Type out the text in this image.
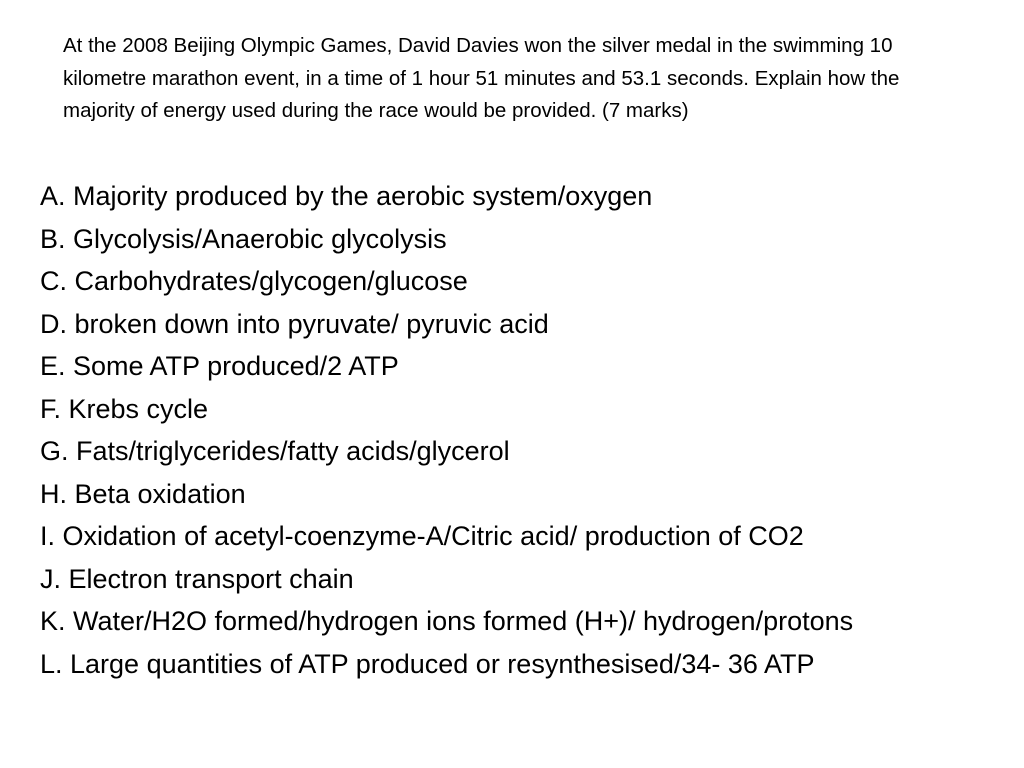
At the 2008 Beijing Olympic Games, David Davies won the silver medal in the swimming 10 kilometre marathon event, in a time of 1 hour 51 minutes and 53.1 seconds. Explain how the majority of energy used during the race would be provided. (7 marks)

A. Majority produced by the aerobic system/oxygen
B. Glycolysis/Anaerobic glycolysis
C. Carbohydrates/glycogen/glucose
D. broken down into pyruvate/ pyruvic acid
E. Some ATP produced/2 ATP
F. Krebs cycle
G. Fats/triglycerides/fatty acids/glycerol
H. Beta oxidation
I. Oxidation of acetyl-coenzyme-A/Citric acid/ production of CO2
J. Electron transport chain
K. Water/H2O formed/hydrogen ions formed (H+)/ hydrogen/protons
L. Large quantities of ATP produced or resynthesised/34- 36 ATP
